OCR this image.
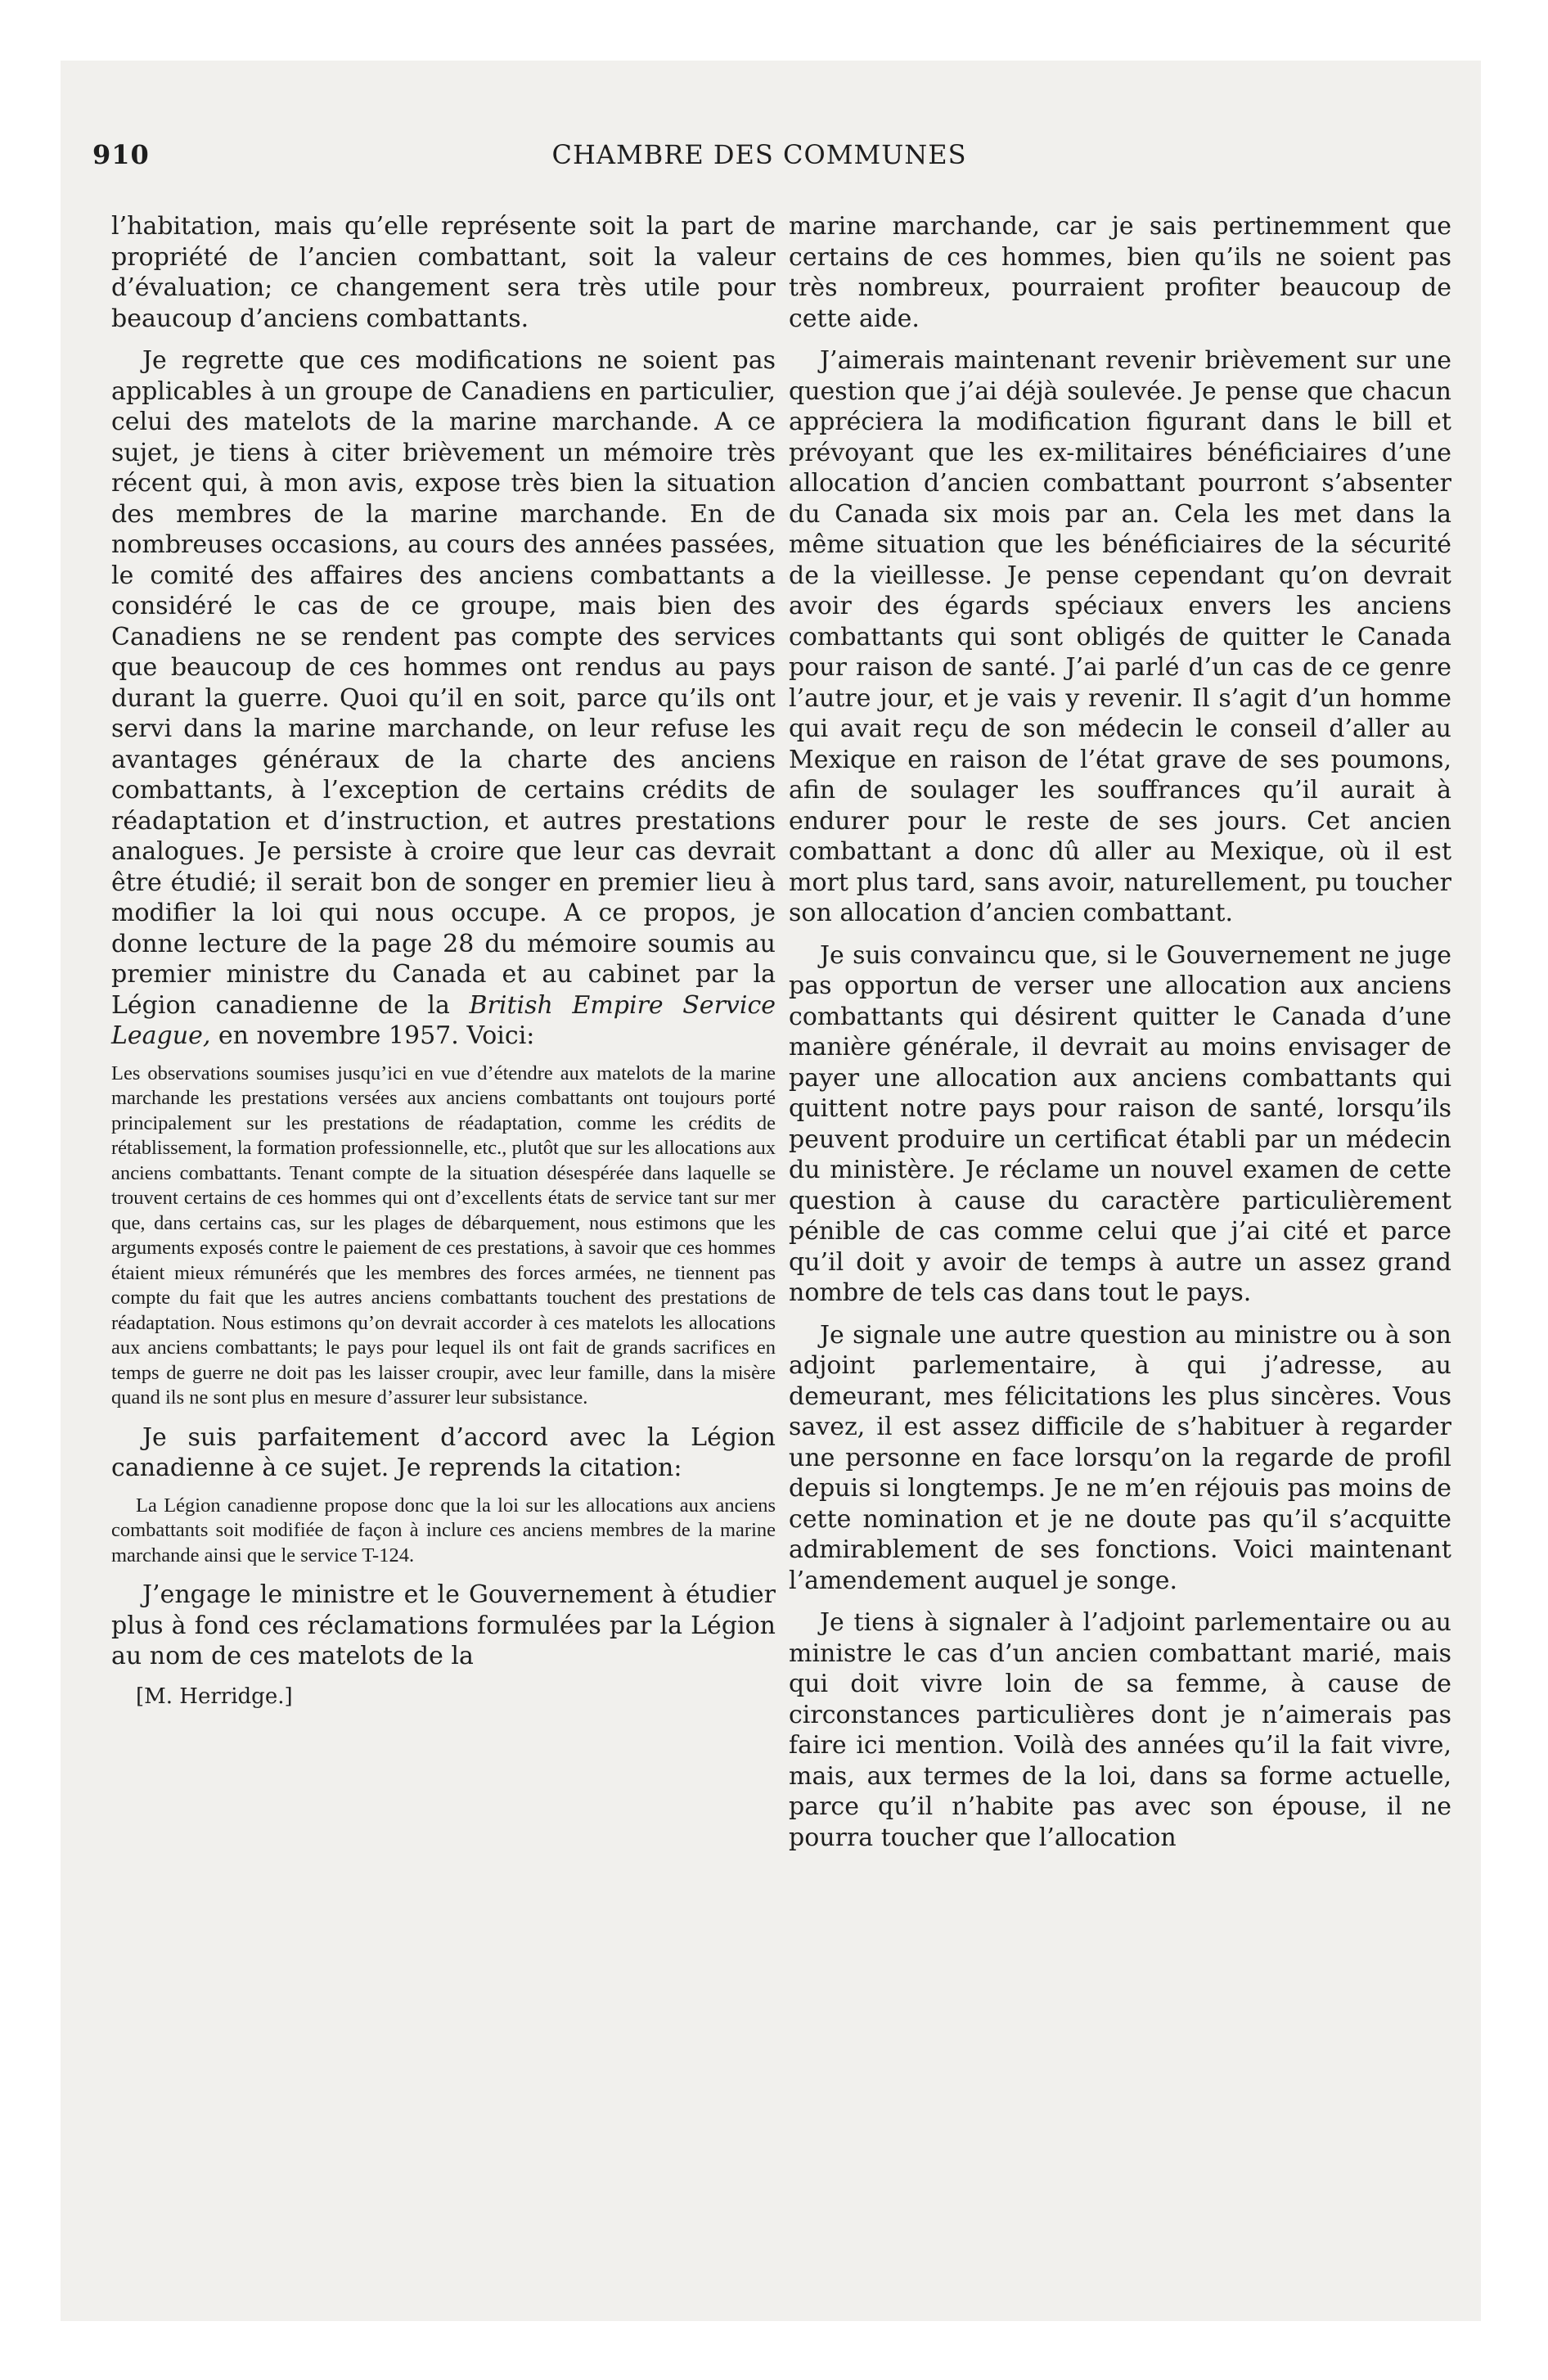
910	CHAMBRE DES COMMUNES

l’habitation, mais qu’elle représente soit la part de propriété de l’ancien combattant, soit la valeur d’évaluation; ce changement sera très utile pour beaucoup d’anciens combattants.

Je regrette que ces modifications ne soient pas applicables à un groupe de Canadiens en particulier, celui des matelots de la marine marchande. A ce sujet, je tiens à citer brièvement un mémoire très récent qui, à mon avis, expose très bien la situation des membres de la marine marchande. En de nombreuses occasions, au cours des années passées, le comité des affaires des anciens combattants a considéré le cas de ce groupe, mais bien des Canadiens ne se rendent pas compte des services que beaucoup de ces hommes ont rendus au pays durant la guerre. Quoi qu’il en soit, parce qu’ils ont servi dans la marine marchande, on leur refuse les avantages généraux de la charte des anciens combattants, à l’exception de certains crédits de réadaptation et d’instruction, et autres prestations analogues. Je persiste à croire que leur cas devrait être étudié; il serait bon de songer en premier lieu à modifier la loi qui nous occupe. A ce propos, je donne lecture de la page 28 du mémoire soumis au premier ministre du Canada et au cabinet par la Légion canadienne de la British Empire Service League, en novembre 1957. Voici:

Les observations soumises jusqu’ici en vue d’étendre aux matelots de la marine marchande les prestations versées aux anciens combattants ont toujours porté principalement sur les prestations de réadaptation, comme les crédits de rétablissement, la formation professionnelle, etc., plutôt que sur les allocations aux anciens combattants. Tenant compte de la situation désespérée dans laquelle se trouvent certains de ces hommes qui ont d’excellents états de service tant sur mer que, dans certains cas, sur les plages de débarquement, nous estimons que les arguments exposés contre le paiement de ces prestations, à savoir que ces hommes étaient mieux rémunérés que les membres des forces armées, ne tiennent pas compte du fait que les autres anciens combattants touchent des prestations de réadaptation. Nous estimons qu’on devrait accorder à ces matelots les allocations aux anciens combattants; le pays pour lequel ils ont fait de grands sacrifices en temps de guerre ne doit pas les laisser croupir, avec leur famille, dans la misère quand ils ne sont plus en mesure d’assurer leur subsistance.

Je suis parfaitement d’accord avec la Légion canadienne à ce sujet. Je reprends la citation:

La Légion canadienne propose donc que la loi sur les allocations aux anciens combattants soit modifiée de façon à inclure ces anciens membres de la marine marchande ainsi que le service T-124.

J’engage le ministre et le Gouvernement à étudier plus à fond ces réclamations formulées par la Légion au nom de ces matelots de la

[M. Herridge.]

marine marchande, car je sais pertinemment que certains de ces hommes, bien qu’ils ne soient pas très nombreux, pourraient profiter beaucoup de cette aide.

J’aimerais maintenant revenir brièvement sur une question que j’ai déjà soulevée. Je pense que chacun appréciera la modification figurant dans le bill et prévoyant que les ex-militaires bénéficiaires d’une allocation d’ancien combattant pourront s’absenter du Canada six mois par an. Cela les met dans la même situation que les bénéficiaires de la sécurité de la vieillesse. Je pense cependant qu’on devrait avoir des égards spéciaux envers les anciens combattants qui sont obligés de quitter le Canada pour raison de santé. J’ai parlé d’un cas de ce genre l’autre jour, et je vais y revenir. Il s’agit d’un homme qui avait reçu de son médecin le conseil d’aller au Mexique en raison de l’état grave de ses poumons, afin de soulager les souffrances qu’il aurait à endurer pour le reste de ses jours. Cet ancien combattant a donc dû aller au Mexique, où il est mort plus tard, sans avoir, naturellement, pu toucher son allocation d’ancien combattant.

Je suis convaincu que, si le Gouvernement ne juge pas opportun de verser une allocation aux anciens combattants qui désirent quitter le Canada d’une manière générale, il devrait au moins envisager de payer une allocation aux anciens combattants qui quittent notre pays pour raison de santé, lorsqu’ils peuvent produire un certificat établi par un médecin du ministère. Je réclame un nouvel examen de cette question à cause du caractère particulièrement pénible de cas comme celui que j’ai cité et parce qu’il doit y avoir de temps à autre un assez grand nombre de tels cas dans tout le pays.

Je signale une autre question au ministre ou à son adjoint parlementaire, à qui j’adresse, au demeurant, mes félicitations les plus sincères. Vous savez, il est assez difficile de s’habituer à regarder une personne en face lorsqu’on la regarde de profil depuis si longtemps. Je ne m’en réjouis pas moins de cette nomination et je ne doute pas qu’il s’acquitte admirablement de ses fonctions. Voici maintenant l’amendement auquel je songe.

Je tiens à signaler à l’adjoint parlementaire ou au ministre le cas d’un ancien combattant marié, mais qui doit vivre loin de sa femme, à cause de circonstances particulières dont je n’aimerais pas faire ici mention. Voilà des années qu’il la fait vivre, mais, aux termes de la loi, dans sa forme actuelle, parce qu’il n’habite pas avec son épouse, il ne pourra toucher que l’allocation
